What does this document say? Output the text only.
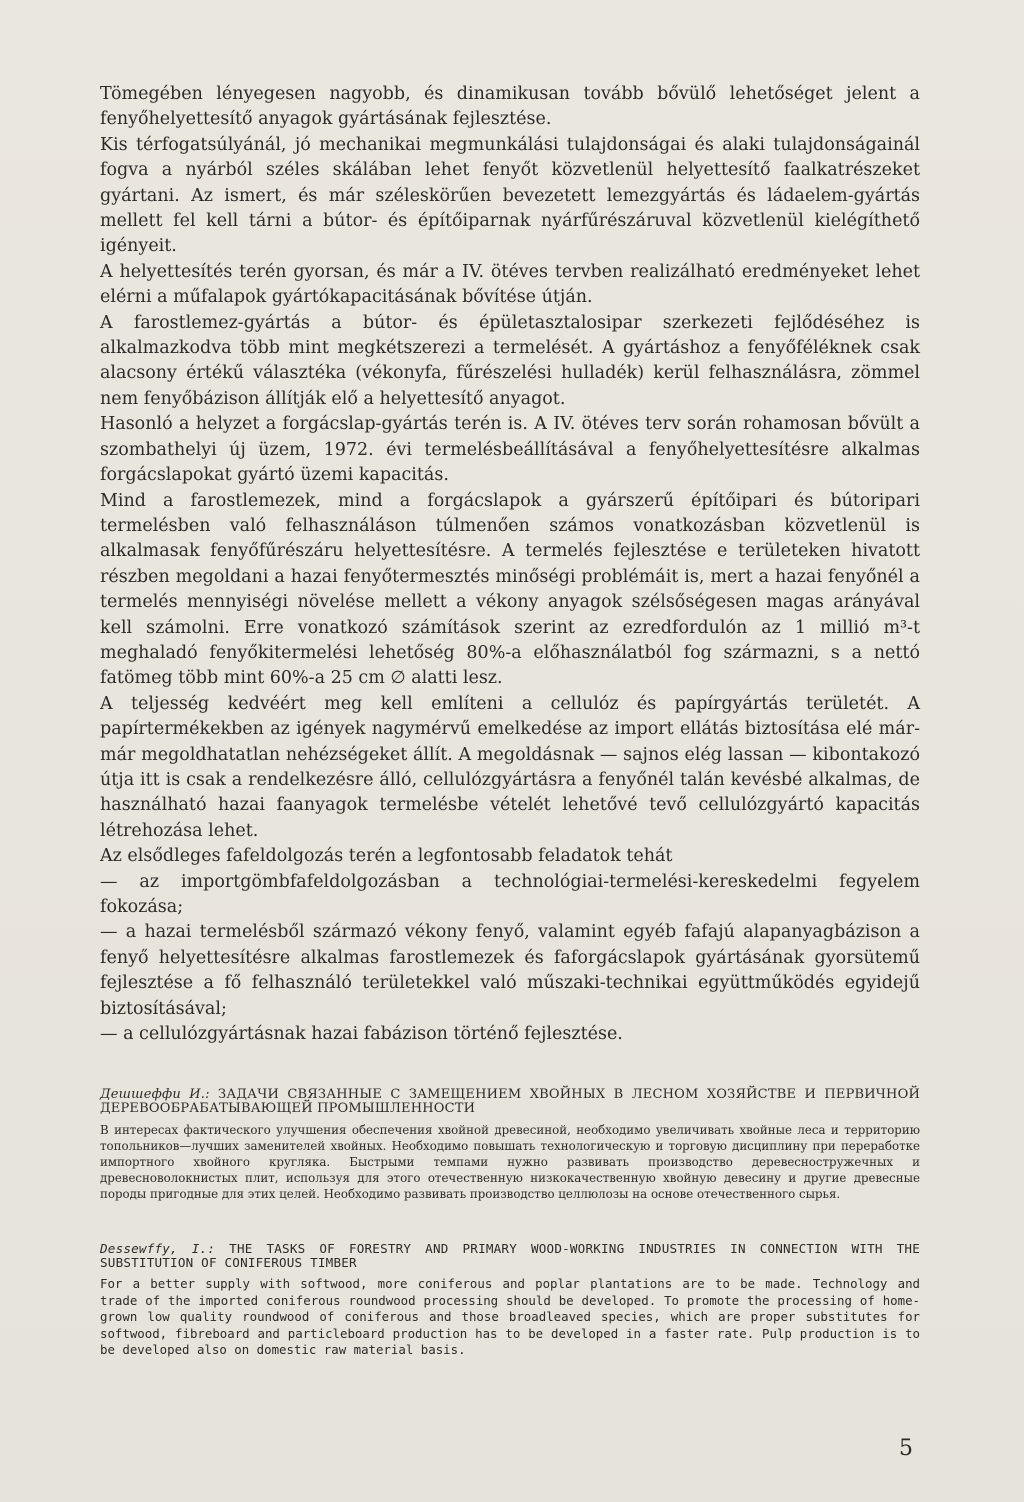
Tömegében lényegesen nagyobb, és dinamikusan tovább bővülő lehetőséget jelent a fenyőhelyettesítő anyagok gyártásának fejlesztése.

Kis térfogatsúlyánál, jó mechanikai megmunkálási tulajdonságai és alaki tulajdonságainál fogva a nyárból széles skálában lehet fenyőt közvetlenül helyettesítő faalkatrészeket gyártani. Az ismert, és már széleskörűen bevezetett lemezgyártás és ládaelem-gyártás mellett fel kell tárni a bútor- és építőiparnak nyárfűrészáruval közvetlenül kielégíthető igényeit.

A helyettesítés terén gyorsan, és már a IV. ötéves tervben realizálható eredményeket lehet elérni a műfalapok gyártókapacitásának bővítése útján.

A farostlemez-gyártás a bútor- és épületasztalosipar szerkezeti fejlődéséhez is alkalmazkodva több mint megkétszerezi a termelését. A gyártáshoz a fenyőféléknek csak alacsony értékű választéka (vékonyfa, fűrészelési hulladék) kerül felhasználásra, zömmel nem fenyőbázison állítják elő a helyettesítő anyagot.

Hasonló a helyzet a forgácslap-gyártás terén is. A IV. ötéves terv során rohamosan bővült a szombathelyi új üzem, 1972. évi termelésbeállításával a fenyőhelyettesítésre alkalmas forgácslapokat gyártó üzemi kapacitás.

Mind a farostlemezek, mind a forgácslapok a gyárszerű építőipari és bútoripari termelésben való felhasználáson túlmenően számos vonatkozásban közvetlenül is alkalmasak fenyőfűrészáru helyettesítésre. A termelés fejlesztése e területeken hivatott részben megoldani a hazai fenyőtermesztés minőségi problémáit is, mert a hazai fenyőnél a termelés mennyiségi növelése mellett a vékony anyagok szélsőségesen magas arányával kell számolni. Erre vonatkozó számítások szerint az ezredfordulón az 1 millió m³-t meghaladó fenyőkitermelési lehetőség 80%-a előhasználatból fog származni, s a nettó fatömeg több mint 60%-a 25 cm ∅ alatti lesz.

A teljesség kedvéért meg kell említeni a cellulóz és papírgyártás területét. A papírtermékekben az igények nagymérvű emelkedése az import ellátás biztosítása elé már-már megoldhatatlan nehézségeket állít. A megoldásnak — sajnos elég lassan — kibontakozó útja itt is csak a rendelkezésre álló, cellulózgyártásra a fenyőnél talán kevésbé alkalmas, de használható hazai faanyagok termelésbe vételét lehetővé tevő cellulózgyártó kapacitás létrehozása lehet.

Az elsődleges fafeldolgozás terén a legfontosabb feladatok tehát

— az importgömbfafeldolgozásban a technológiai-termelési-kereskedelmi fegyelem fokozása;

— a hazai termelésből származó vékony fenyő, valamint egyéb fafajú alapanyagbázison a fenyő helyettesítésre alkalmas farostlemezek és faforgácslapok gyártásának gyorsütemű fejlesztése a fő felhasználó területekkel való műszaki-technikai együttműködés egyidejű biztosításával;

— a cellulózgyártásnak hazai fabázison történő fejlesztése.

Дешшеффи И.: ЗАДАЧИ СВЯЗАННЫЕ С ЗАМЕЩЕНИЕМ ХВОЙНЫХ В ЛЕСНОМ ХОЗЯЙСТВЕ И ПЕРВИЧНОЙ ДЕРЕВООБРАБАТЫВАЮЩЕЙ ПРОМЫШЛЕННОСТИ
В интересах фактического улучшения обеспечения хвойной древесиной, необходимо увеличивать хвойные леса и территорию топольников—лучших заменителей хвойных. Необходимо повышать технологическую и торговую дисциплину при переработке импортного хвойного кругляка. Быстрыми темпами нужно развивать производство деревесностружечных и древесноволокнистых плит, используя для этого отечественную низкокачественную хвойную девесину и другие древесные породы пригодные для этих целей. Необходимо развивать производство целлюлозы на основе отечественного сырья.
Dessewffy, I.: THE TASKS OF FORESTRY AND PRIMARY WOOD-WORKING INDUSTRIES IN CONNECTION WITH THE SUBSTITUTION OF CONIFEROUS TIMBER
For a better supply with softwood, more coniferous and poplar plantations are to be made. Technology and trade of the imported coniferous roundwood processing should be developed. To promote the processing of home-grown low quality roundwood of coniferous and those broadleaved species, which are proper substitutes for softwood, fibreboard and particleboard production has to be developed in a faster rate. Pulp production is to be developed also on domestic raw material basis.
5
